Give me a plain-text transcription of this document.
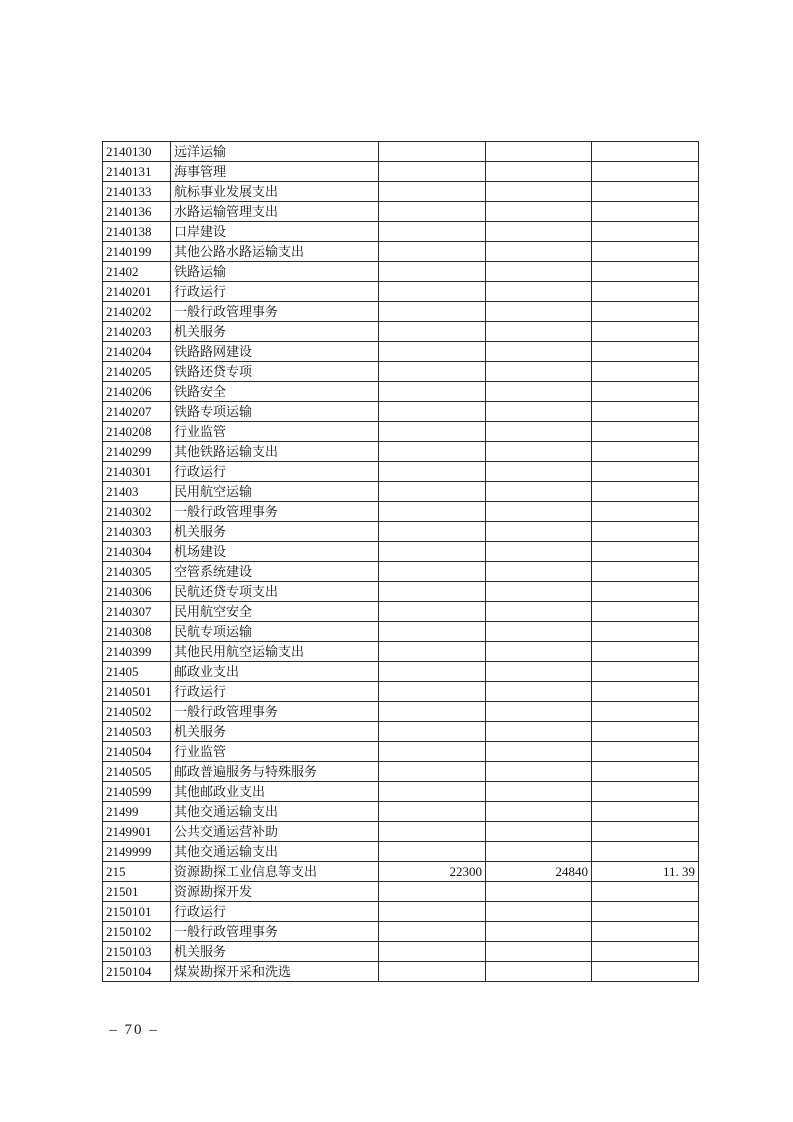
2140130	远洋运输			
2140131	海事管理			
2140133	航标事业发展支出			
2140136	水路运输管理支出			
2140138	口岸建设			
2140199	其他公路水路运输支出			
21402	铁路运输			
2140201	行政运行			
2140202	一般行政管理事务			
2140203	机关服务			
2140204	铁路路网建设			
2140205	铁路还贷专项			
2140206	铁路安全			
2140207	铁路专项运输			
2140208	行业监管			
2140299	其他铁路运输支出			
2140301	行政运行			
21403	民用航空运输			
2140302	一般行政管理事务			
2140303	机关服务			
2140304	机场建设			
2140305	空管系统建设			
2140306	民航还贷专项支出			
2140307	民用航空安全			
2140308	民航专项运输			
2140399	其他民用航空运输支出			
21405	邮政业支出			
2140501	行政运行			
2140502	一般行政管理事务			
2140503	机关服务			
2140504	行业监管			
2140505	邮政普遍服务与特殊服务			
2140599	其他邮政业支出			
21499	其他交通运输支出			
2149901	公共交通运营补助			
2149999	其他交通运输支出			
215	资源勘探工业信息等支出	22300	24840	11. 39
21501	资源勘探开发			
2150101	行政运行			
2150102	一般行政管理事务			
2150103	机关服务			
2150104	煤炭勘探开采和洗选			
– 70 –
